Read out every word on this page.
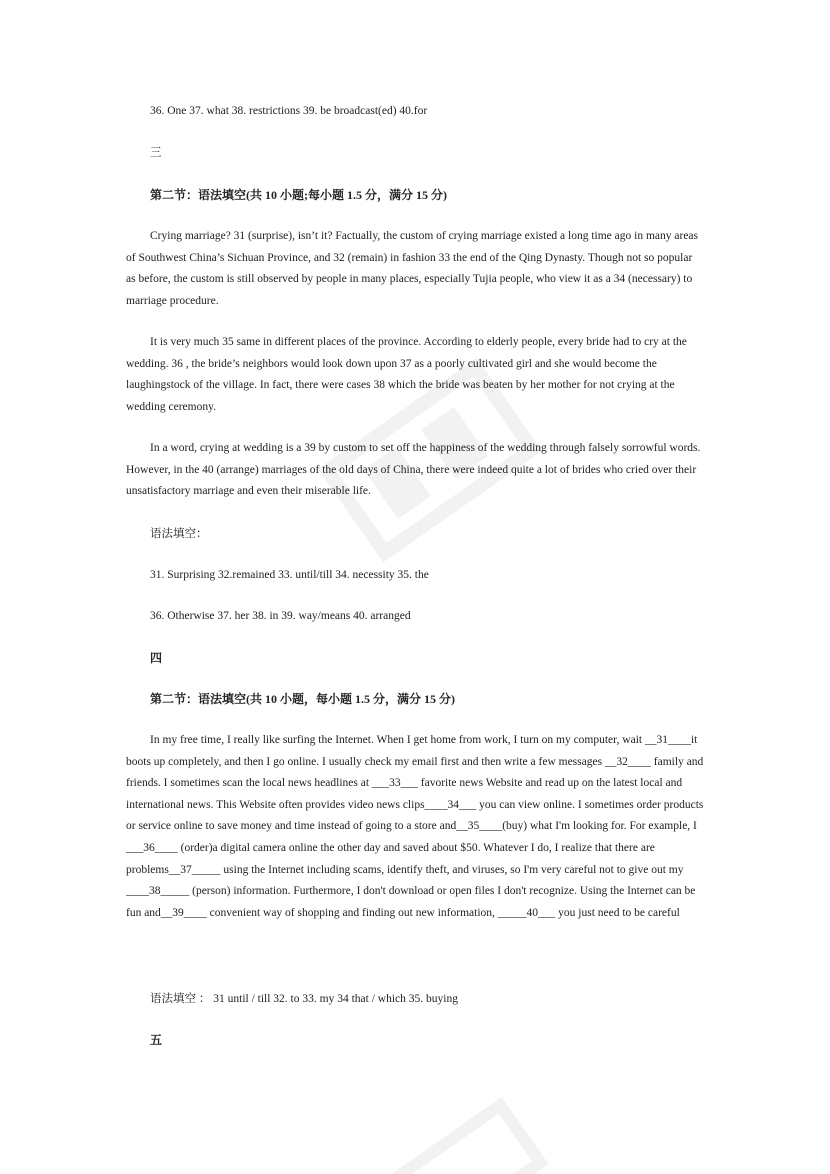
36. One 37. what 38. restrictions 39. be broadcast(ed) 40.for
三
第二节：语法填空(共 10 小题;每小题 1.5 分，满分 15 分)
Crying marriage? 31 (surprise), isn’t it? Factually, the custom of crying marriage existed a long time ago in many areas of Southwest China’s Sichuan Province, and 32 (remain) in fashion 33 the end of the Qing Dynasty. Though not so popular as before, the custom is still observed by people in many places, especially Tujia people, who view it as a 34 (necessary) to marriage procedure.
It is very much 35 same in different places of the province. According to elderly people, every bride had to cry at the wedding. 36 , the bride’s neighbors would look down upon 37 as a poorly cultivated girl and she would become the laughingstock of the village. In fact, there were cases 38 which the bride was beaten by her mother for not crying at the wedding ceremony.
In a word, crying at wedding is a 39 by custom to set off the happiness of the wedding through falsely sorrowful words. However, in the 40 (arrange) marriages of the old days of China, there were indeed quite a lot of brides who cried over their unsatisfactory marriage and even their miserable life.
语法填空：
31. Surprising 32.remained 33. until/till 34. necessity 35. the
36. Otherwise 37. her 38. in 39. way/means 40. arranged
四
第二节：语法填空(共 10 小题，每小题 1.5 分，满分 15 分)
In my free time, I really like surfing the Internet. When I get home from work, I turn on my computer, wait __31____it boots up completely, and then I go online. I usually check my email first and then write a few messages __32____ family and friends. I sometimes scan the local news headlines at ___33___ favorite news Website and read up on the latest local and international news. This Website often provides video news clips____34___ you can view online. I sometimes order products or service online to save money and time instead of going to a store and__35____(buy) what I'm looking for. For example, I ___36____ (order)a digital camera online the other day and saved about $50. Whatever I do, I realize that there are problems__37_____ using the Internet including scams, identify theft, and viruses, so I'm very careful not to give out my ____38_____ (person) information. Furthermore, I don't download or open files I don't recognize. Using the Internet can be fun and__39____ convenient way of shopping and finding out new information, _____40___ you just need to be careful
语法填空 ： 31 until / till 32. to 33. my 34 that / which 35. buying
五
